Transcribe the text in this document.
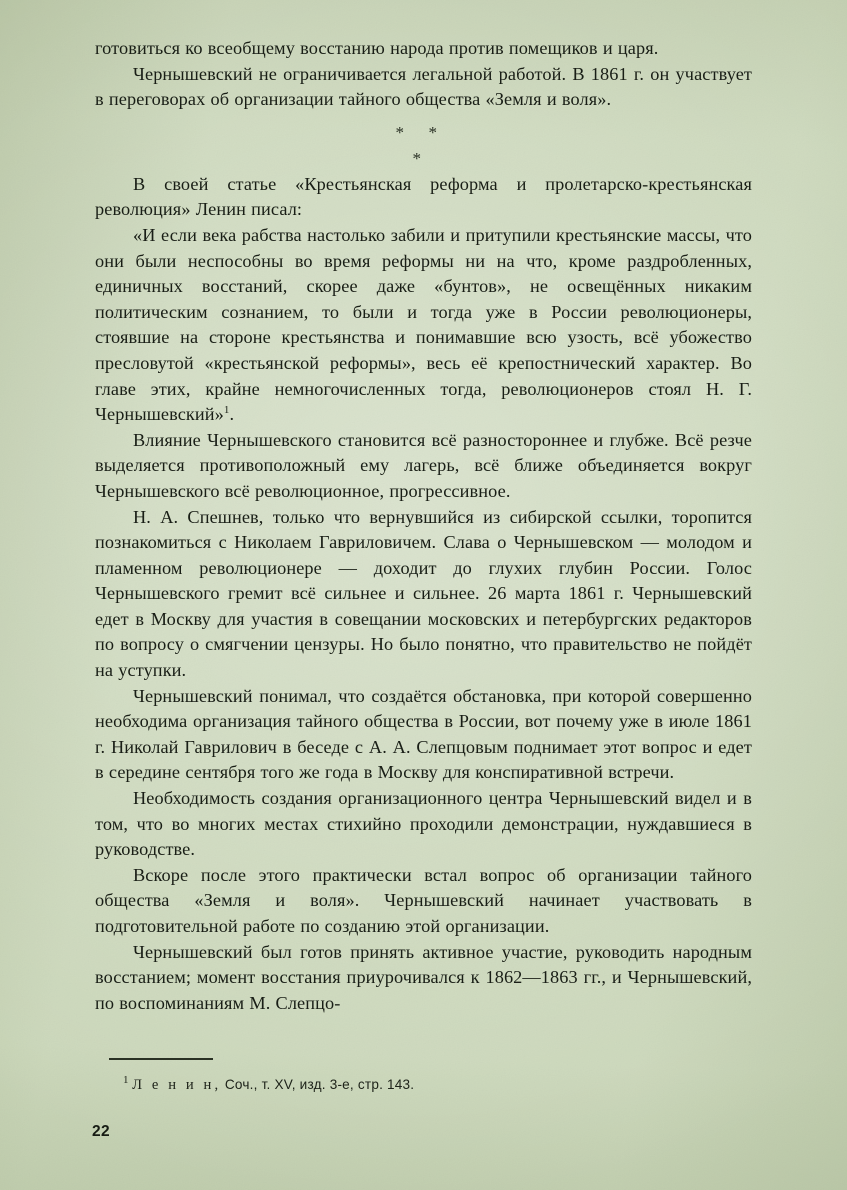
готовиться ко всеобщему восстанию народа против помещиков и царя.

Чернышевский не ограничивается легальной работой. В 1861 г. он участвует в переговорах об организации тайного общества «Земля и воля».

* *
*

В своей статье «Крестьянская реформа и пролетарско-крестьянская революция» Ленин писал:

«И если века рабства настолько забили и притупили крестьянские массы, что они были неспособны во время реформы ни на что, кроме раздробленных, единичных восстаний, скорее даже «бунтов», не освещённых никаким политическим сознанием, то были и тогда уже в России революционеры, стоявшие на стороне крестьянства и понимавшие всю узость, всё убожество пресловутой «крестьянской реформы», весь её крепостнический характер. Во главе этих, крайне немногочисленных тогда, революционеров стоял Н. Г. Чернышевский»$^1$.

Влияние Чернышевского становится всё разностороннее и глубже. Всё резче выделяется противоположный ему лагерь, всё ближе объединяется вокруг Чернышевского всё революционное, прогрессивное.

Н. А. Спешнев, только что вернувшийся из сибирской ссылки, торопится познакомиться с Николаем Гавриловичем. Слава о Чернышевском — молодом и пламенном революционере — доходит до глухих глубин России. Голос Чернышевского гремит всё сильнее и сильнее. 26 марта 1861 г. Чернышевский едет в Москву для участия в совещании московских и петербургских редакторов по вопросу о смягчении цензуры. Но было понятно, что правительство не пойдёт на уступки.

Чернышевский понимал, что создаётся обстановка, при которой совершенно необходима организация тайного общества в России, вот почему уже в июле 1861 г. Николай Гаврилович в беседе с А. А. Слепцовым поднимает этот вопрос и едет в середине сентября того же года в Москву для конспиративной встречи.

Необходимость создания организационного центра Чернышевский видел и в том, что во многих местах стихийно проходили демонстрации, нуждавшиеся в руководстве.

Вскоре после этого практически встал вопрос об организации тайного общества «Земля и воля». Чернышевский начинает участвовать в подготовительной работе по созданию этой организации.

Чернышевский был готов принять активное участие, руководить народным восстанием; момент восстания приурочивался к 1862—1863 гг., и Чернышевский, по воспоминаниям М. Слепцо-

$^1$ Л е н и н, Соч., т. XV, изд. 3-е, стр. 143.

22
